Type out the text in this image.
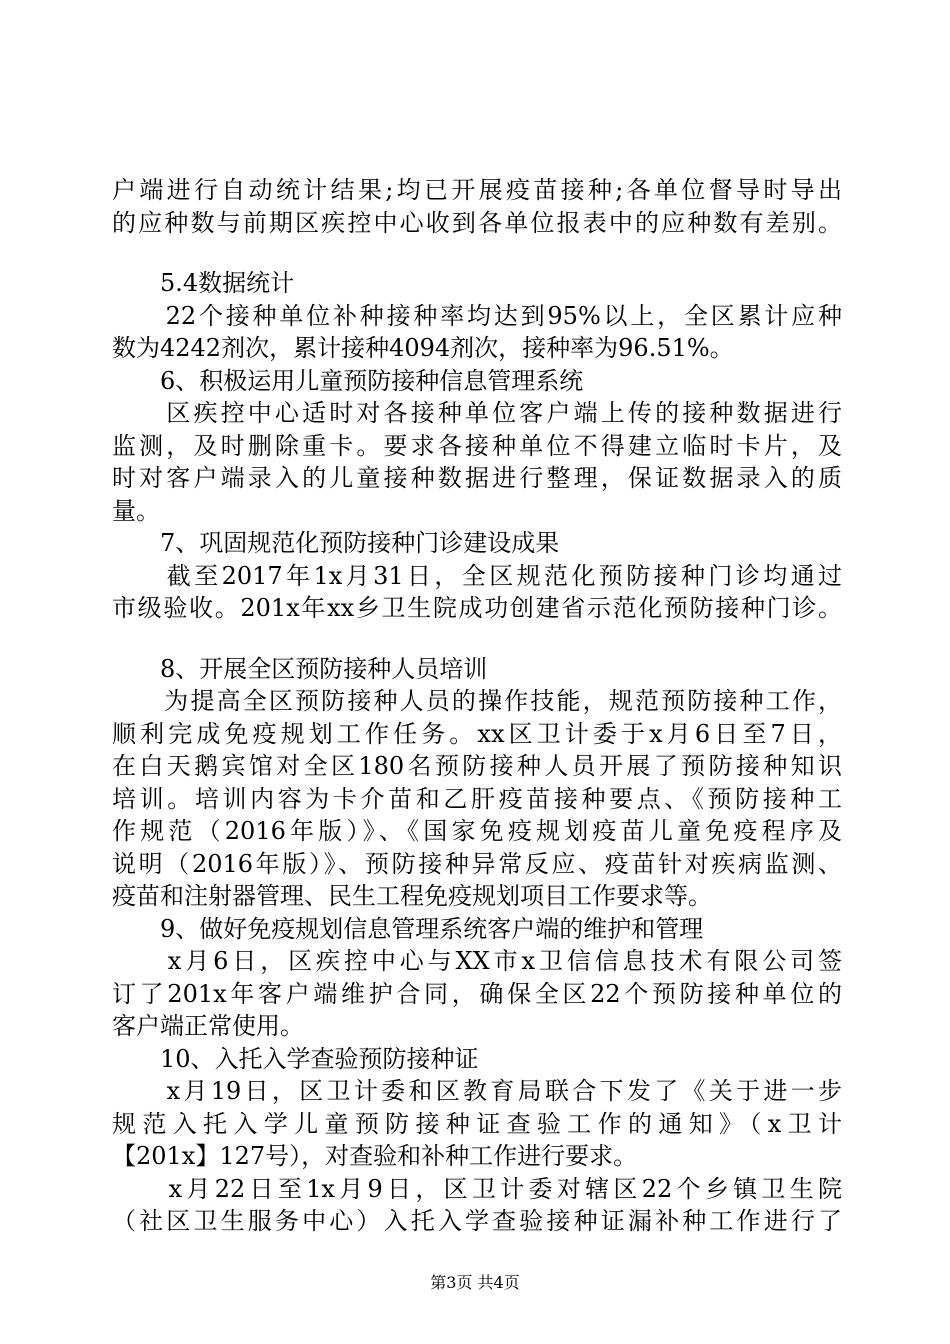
户端进行自动统计结果;均已开展疫苗接种;各单位督导时导出
的应种数与前期区疾控中心收到各单位报表中的应种数有差别。
　　5.4数据统计
　　22个接种单位补种接种率均达到95%以上，全区累计应种
数为4242剂次，累计接种4094剂次，接种率为96.51%。
　　6、积极运用儿童预防接种信息管理系统
　　区疾控中心适时对各接种单位客户端上传的接种数据进行
监测，及时删除重卡。要求各接种单位不得建立临时卡片，及
时对客户端录入的儿童接种数据进行整理，保证数据录入的质
量。
　　7、巩固规范化预防接种门诊建设成果
　　截至2017年1x月31日，全区规范化预防接种门诊均通过
市级验收。201x年xx乡卫生院成功创建省示范化预防接种门诊。
　　8、开展全区预防接种人员培训
　　为提高全区预防接种人员的操作技能，规范预防接种工作，
顺利完成免疫规划工作任务。xx区卫计委于x月6日至7日，
在白天鹅宾馆对全区180名预防接种人员开展了预防接种知识
培训。培训内容为卡介苗和乙肝疫苗接种要点、《预防接种工
作规范（2016年版）》、《国家免疫规划疫苗儿童免疫程序及
说明（2016年版）》、预防接种异常反应、疫苗针对疾病监测、
疫苗和注射器管理、民生工程免疫规划项目工作要求等。
　　9、做好免疫规划信息管理系统客户端的维护和管理
　　x月6日，区疾控中心与XX市x卫信信息技术有限公司签
订了201x年客户端维护合同，确保全区22个预防接种单位的
客户端正常使用。
　　10、入托入学查验预防接种证
　　x月19日，区卫计委和区教育局联合下发了《关于进一步
规范入托入学儿童预防接种证查验工作的通知》（x卫计
【201x】127号），对查验和补种工作进行要求。
　　x月22日至1x月9日，区卫计委对辖区22个乡镇卫生院
（社区卫生服务中心）入托入学查验接种证漏补种工作进行了
第3页 共4页
